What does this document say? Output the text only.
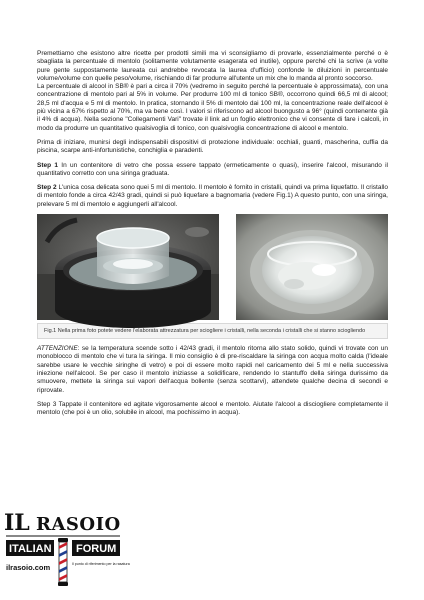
Premettiamo che esistono altre ricette per prodotti simili ma vi sconsigliamo di provarle, essenzialmente perché o è sbagliata la percentuale di mentolo (solitamente volutamente esagerata ed inutile), oppure perché chi la scrive (a volte pure gente suppostamente laureata cui andrebbe revocata la laurea d'ufficio) confonde le diluizioni in percentuale volume/volume con quelle peso/volume, rischiando di far produrre all'utente un mix che lo manda al pronto soccorso.

La percentuale di alcool in SB® è pari a circa il 70% (vedremo in seguito perché la percentuale è approssimata), con una concentrazione di mentolo pari al 5% in volume. Per produrre 100 ml di tonico SB®, occorrono quindi 66,5 ml di alcool; 28,5 ml d'acqua e 5 ml di mentolo. In pratica, stornando il 5% di mentolo dai 100 ml, la concentrazione reale dell'alcool è più vicina a 67% rispetto al 70%, ma va bene così. I valori si riferiscono ad alcool buongusto a 96° (quindi contenente già il 4% di acqua). Nella sezione "Collegamenti Vari" trovate il link ad un foglio elettronico che vi consente di fare i calcoli, in modo da produrre un quantitativo qualsivoglia di tonico, con qualsivoglia concentrazione di alcool e mentolo.

Prima di iniziare, munirsi degli indispensabili dispositivi di protezione individuale: occhiali, guanti, mascherina, cuffia da piscina, scarpe anti-infortunistiche, conchiglia e paradenti.

Step 1 In un contenitore di vetro che possa essere tappato (ermeticamente o quasi), inserire l'alcool, misurando il quantitativo corretto con una siringa graduata.

Step 2 L'unica cosa delicata sono quei 5 ml di mentolo. Il mentolo è fornito in cristalli, quindi va prima liquefatto. Il cristallo di mentolo fonde a circa 42/43 gradi, quindi si può liquefare a bagnomaria (vedere Fig.1) A questo punto, con una siringa, prelevare 5 ml di mentolo e aggiungerli all'alcool.

Fig.1 Nella prima foto potete vedere l'elaborata attrezzatura per sciogliere i cristalli, nella seconda i cristalli che si stanno sciogliendo

ATTENZIONE: se la temperatura scende sotto i 42/43 gradi, il mentolo ritorna allo stato solido, quindi vi trovate con un monoblocco di mentolo che vi tura la siringa. Il mio consiglio è di pre-riscaldare la siringa con acqua molto calda (l'ideale sarebbe usare le vecchie siringhe di vetro) e poi di essere molto rapidi nel caricamento dei 5 ml e nella successiva iniezione nell'alcool. Se per caso il mentolo iniziasse a solidificare, rendendo lo stantuffo della siringa durissimo da smuovere, mettete la siringa sui vapori dell'acqua bollente (senza scottarvi), attendete qualche decina di secondi e riprovate.

Step 3 Tappate il contenitore ed agitate vigorosamente alcool e mentolo. Aiutate l'alcool a disciogliere completamente il mentolo (che poi è un olio, solubile in alcool, ma pochissimo in acqua).

IL RASOIO
ITALIAN FORUM
ilrasoio.com	Il punto di riferimento per la rasatura
